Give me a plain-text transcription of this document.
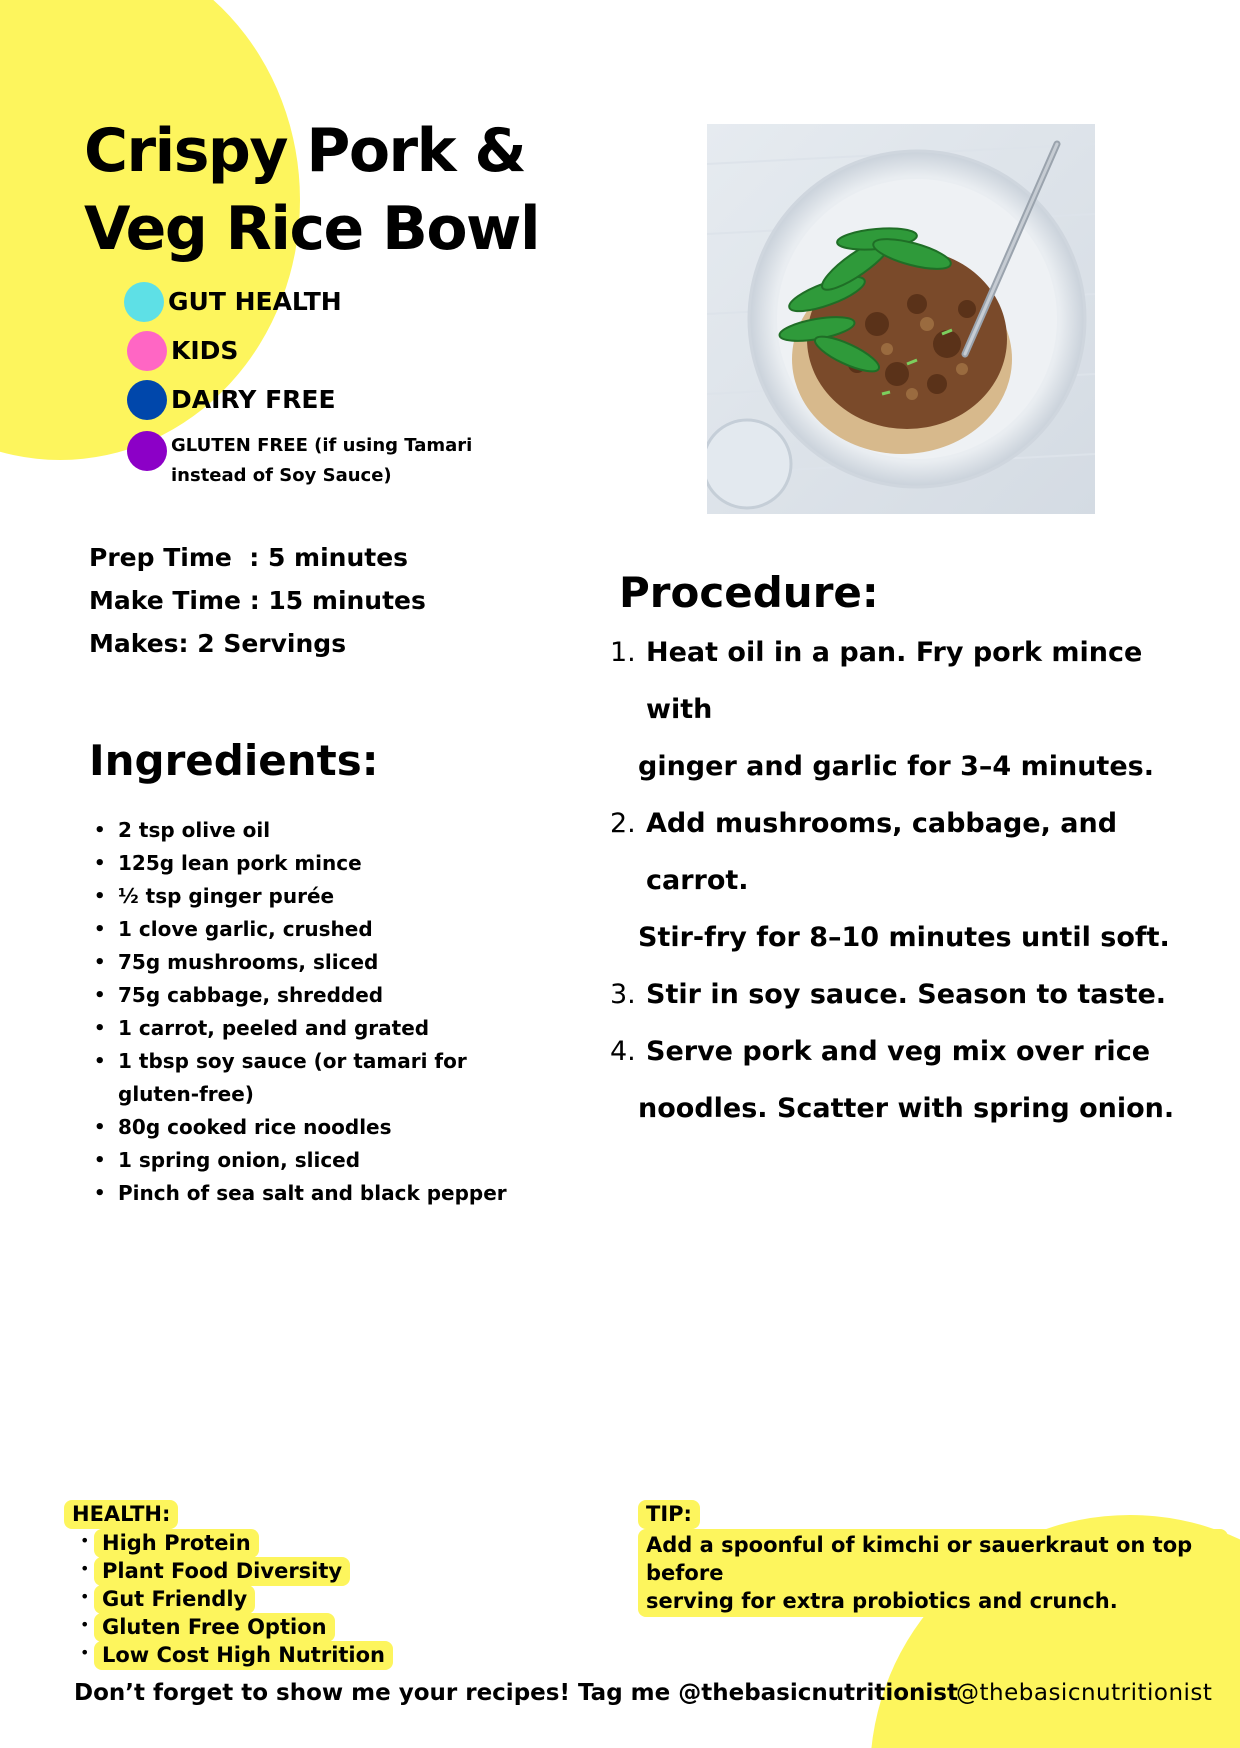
Crispy Pork &
Veg Rice Bowl
GUT HEALTH
KIDS
DAIRY FREE
GLUTEN FREE (if using Tamari
instead of Soy Sauce)
Prep Time  : 5 minutes
Make Time : 15 minutes
Makes: 2 Servings
Ingredients:
• 2 tsp olive oil
• 125g lean pork mince
• ½ tsp ginger purée
• 1 clove garlic, crushed
• 75g mushrooms, sliced
• 75g cabbage, shredded
• 1 carrot, peeled and grated
• 1 tbsp soy sauce (or tamari for gluten-free)
• 80g cooked rice noodles
• 1 spring onion, sliced
• Pinch of sea salt and black pepper
Procedure:
1. Heat oil in a pan. Fry pork mince with
ginger and garlic for 3–4 minutes.
2. Add mushrooms, cabbage, and carrot.
Stir-fry for 8–10 minutes until soft.
3. Stir in soy sauce. Season to taste.
4. Serve pork and veg mix over rice
noodles. Scatter with spring onion.
HEALTH:
• High Protein
• Plant Food Diversity
• Gut Friendly
• Gluten Free Option
• Low Cost High Nutrition
TIP:
Add a spoonful of kimchi or sauerkraut on top before
serving for extra probiotics and crunch.
Don’t forget to show me your recipes! Tag me @thebasicnutritionist
@thebasicnutritionist
